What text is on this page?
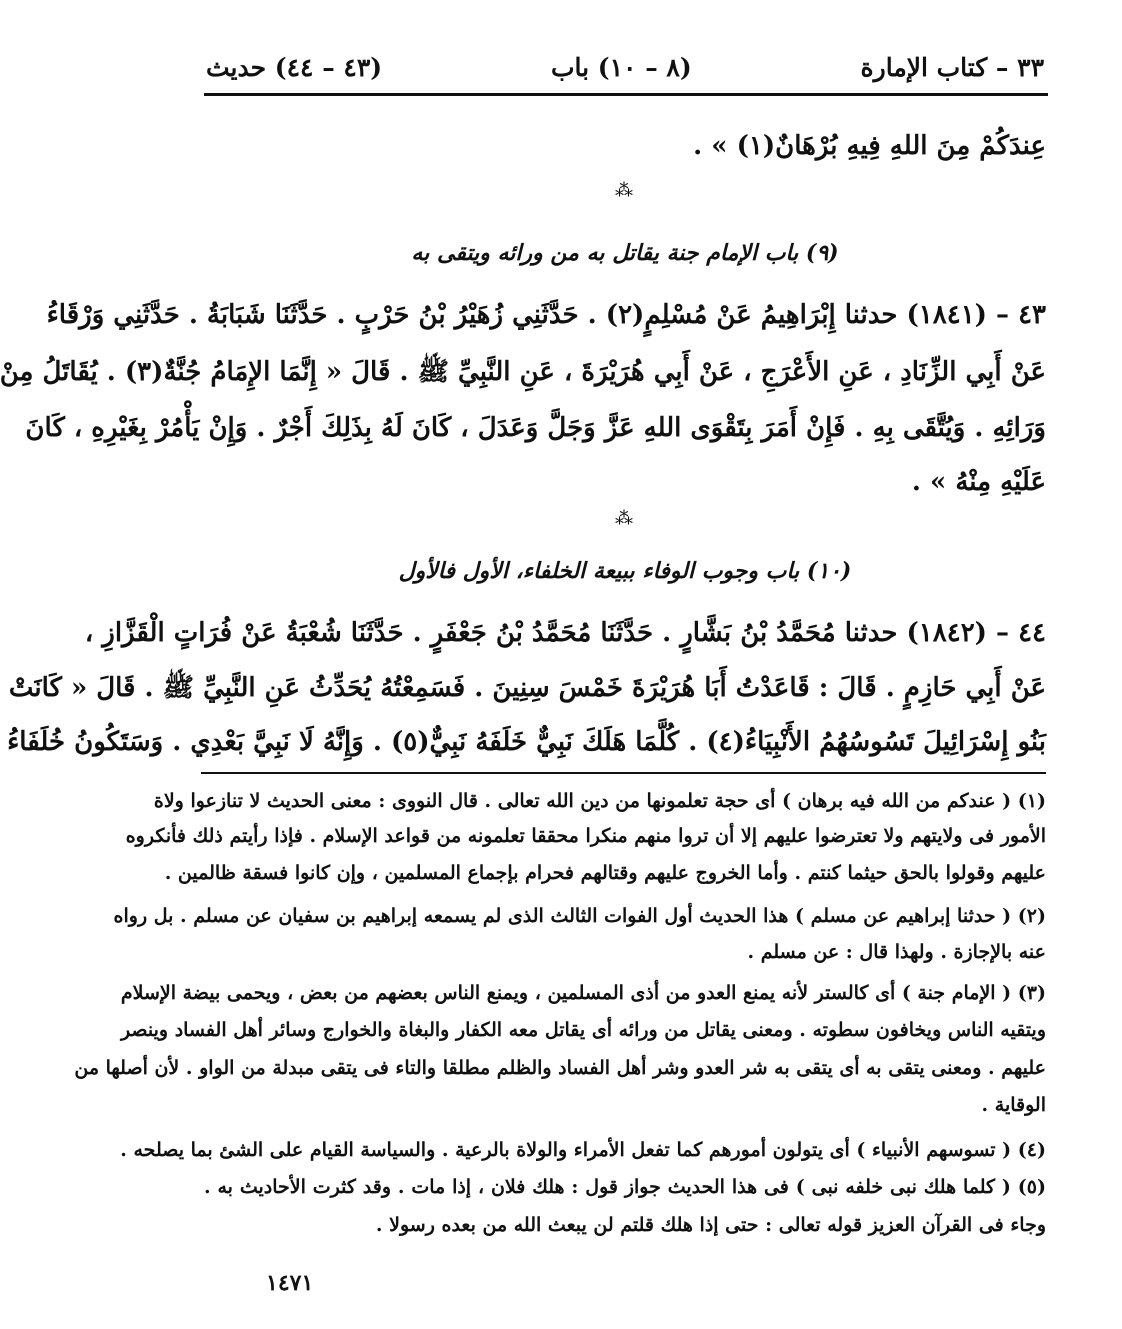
٣٣ – كتاب الإمارة
(٨ – ١٠) باب
(٤٣ – ٤٤) حديث
عِندَكُمْ مِنَ اللهِ فِيهِ بُرْهَانٌ(١) » .
⁂
(٩) باب الإمام جنة يقاتل به من ورائه ويتقى به
٤٣ – (١٨٤١) حدثنا إِبْرَاهِيمُ عَنْ مُسْلِمٍ(٢) . حَدَّثَنِي زُهَيْرُ بْنُ حَرْبٍ . حَدَّثَنَا شَبَابَةُ . حَدَّثَنِي وَرْقَاءُ
عَنْ أَبِي الزِّنَادِ ، عَنِ الأَعْرَجِ ، عَنْ أَبِي هُرَيْرَةَ ، عَنِ النَّبِيِّ ﷺ . قَالَ « إِنَّمَا الإِمَامُ جُنَّةٌ(٣) . يُقَاتَلُ مِنْ
وَرَائِهِ . وَيُتَّقَى بِهِ . فَإِنْ أَمَرَ بِتَقْوَى اللهِ عَزَّ وَجَلَّ وَعَدَلَ ، كَانَ لَهُ بِذَلِكَ أَجْرٌ . وَإِنْ يَأْمُرْ بِغَيْرِهِ ، كَانَ
عَلَيْهِ مِنْهُ » .
⁂
(١٠) باب وجوب الوفاء ببيعة الخلفاء، الأول فالأول
٤٤ – (١٨٤٢) حدثنا مُحَمَّدُ بْنُ بَشَّارٍ . حَدَّثَنَا مُحَمَّدُ بْنُ جَعْفَرٍ . حَدَّثَنَا شُعْبَةُ عَنْ فُرَاتٍ الْقَزَّازِ ،
عَنْ أَبِي حَازِمٍ . قَالَ : قَاعَدْتُ أَبَا هُرَيْرَةَ خَمْسَ سِنِينَ . فَسَمِعْتُهُ يُحَدِّثُ عَنِ النَّبِيِّ ﷺ . قَالَ « كَانَتْ
بَنُو إِسْرَائِيلَ تَسُوسُهُمُ الأَنْبِيَاءُ(٤) . كُلَّمَا هَلَكَ نَبِيٌّ خَلَفَهُ نَبِيٌّ(٥) . وَإِنَّهُ لَا نَبِيَّ بَعْدِي . وَسَتَكُونُ خُلَفَاءُ
(١) ( عندكم من الله فيه برهان ) أى حجة تعلمونها من دين الله تعالى . قال النووى : معنى الحديث لا تنازعوا ولاة
الأمور فى ولايتهم ولا تعترضوا عليهم إلا أن تروا منهم منكرا محققا تعلمونه من قواعد الإسلام . فإذا رأيتم ذلك فأنكروه
عليهم وقولوا بالحق حيثما كنتم . وأما الخروج عليهم وقتالهم فحرام بإجماع المسلمين ، وإن كانوا فسقة ظالمين .
(٢) ( حدثنا إبراهيم عن مسلم ) هذا الحديث أول الفوات الثالث الذى لم يسمعه إبراهيم بن سفيان عن مسلم . بل رواه
عنه بالإجازة . ولهذا قال : عن مسلم .
(٣) ( الإمام جنة ) أى كالستر لأنه يمنع العدو من أذى المسلمين ، ويمنع الناس بعضهم من بعض ، ويحمى بيضة الإسلام
ويتقيه الناس ويخافون سطوته . ومعنى يقاتل من ورائه أى يقاتل معه الكفار والبغاة والخوارج وسائر أهل الفساد وينصر
عليهم . ومعنى يتقى به أى يتقى به شر العدو وشر أهل الفساد والظلم مطلقا والتاء فى يتقى مبدلة من الواو . لأن أصلها من
الوقاية .
(٤) ( تسوسهم الأنبياء ) أى يتولون أمورهم كما تفعل الأمراء والولاة بالرعية . والسياسة القيام على الشئ بما يصلحه .
(٥) ( كلما هلك نبى خلفه نبى ) فى هذا الحديث جواز قول : هلك فلان ، إذا مات . وقد كثرت الأحاديث به .
وجاء فى القرآن العزيز قوله تعالى : حتى إذا هلك قلتم لن يبعث الله من بعده رسولا .
١٤٧١
